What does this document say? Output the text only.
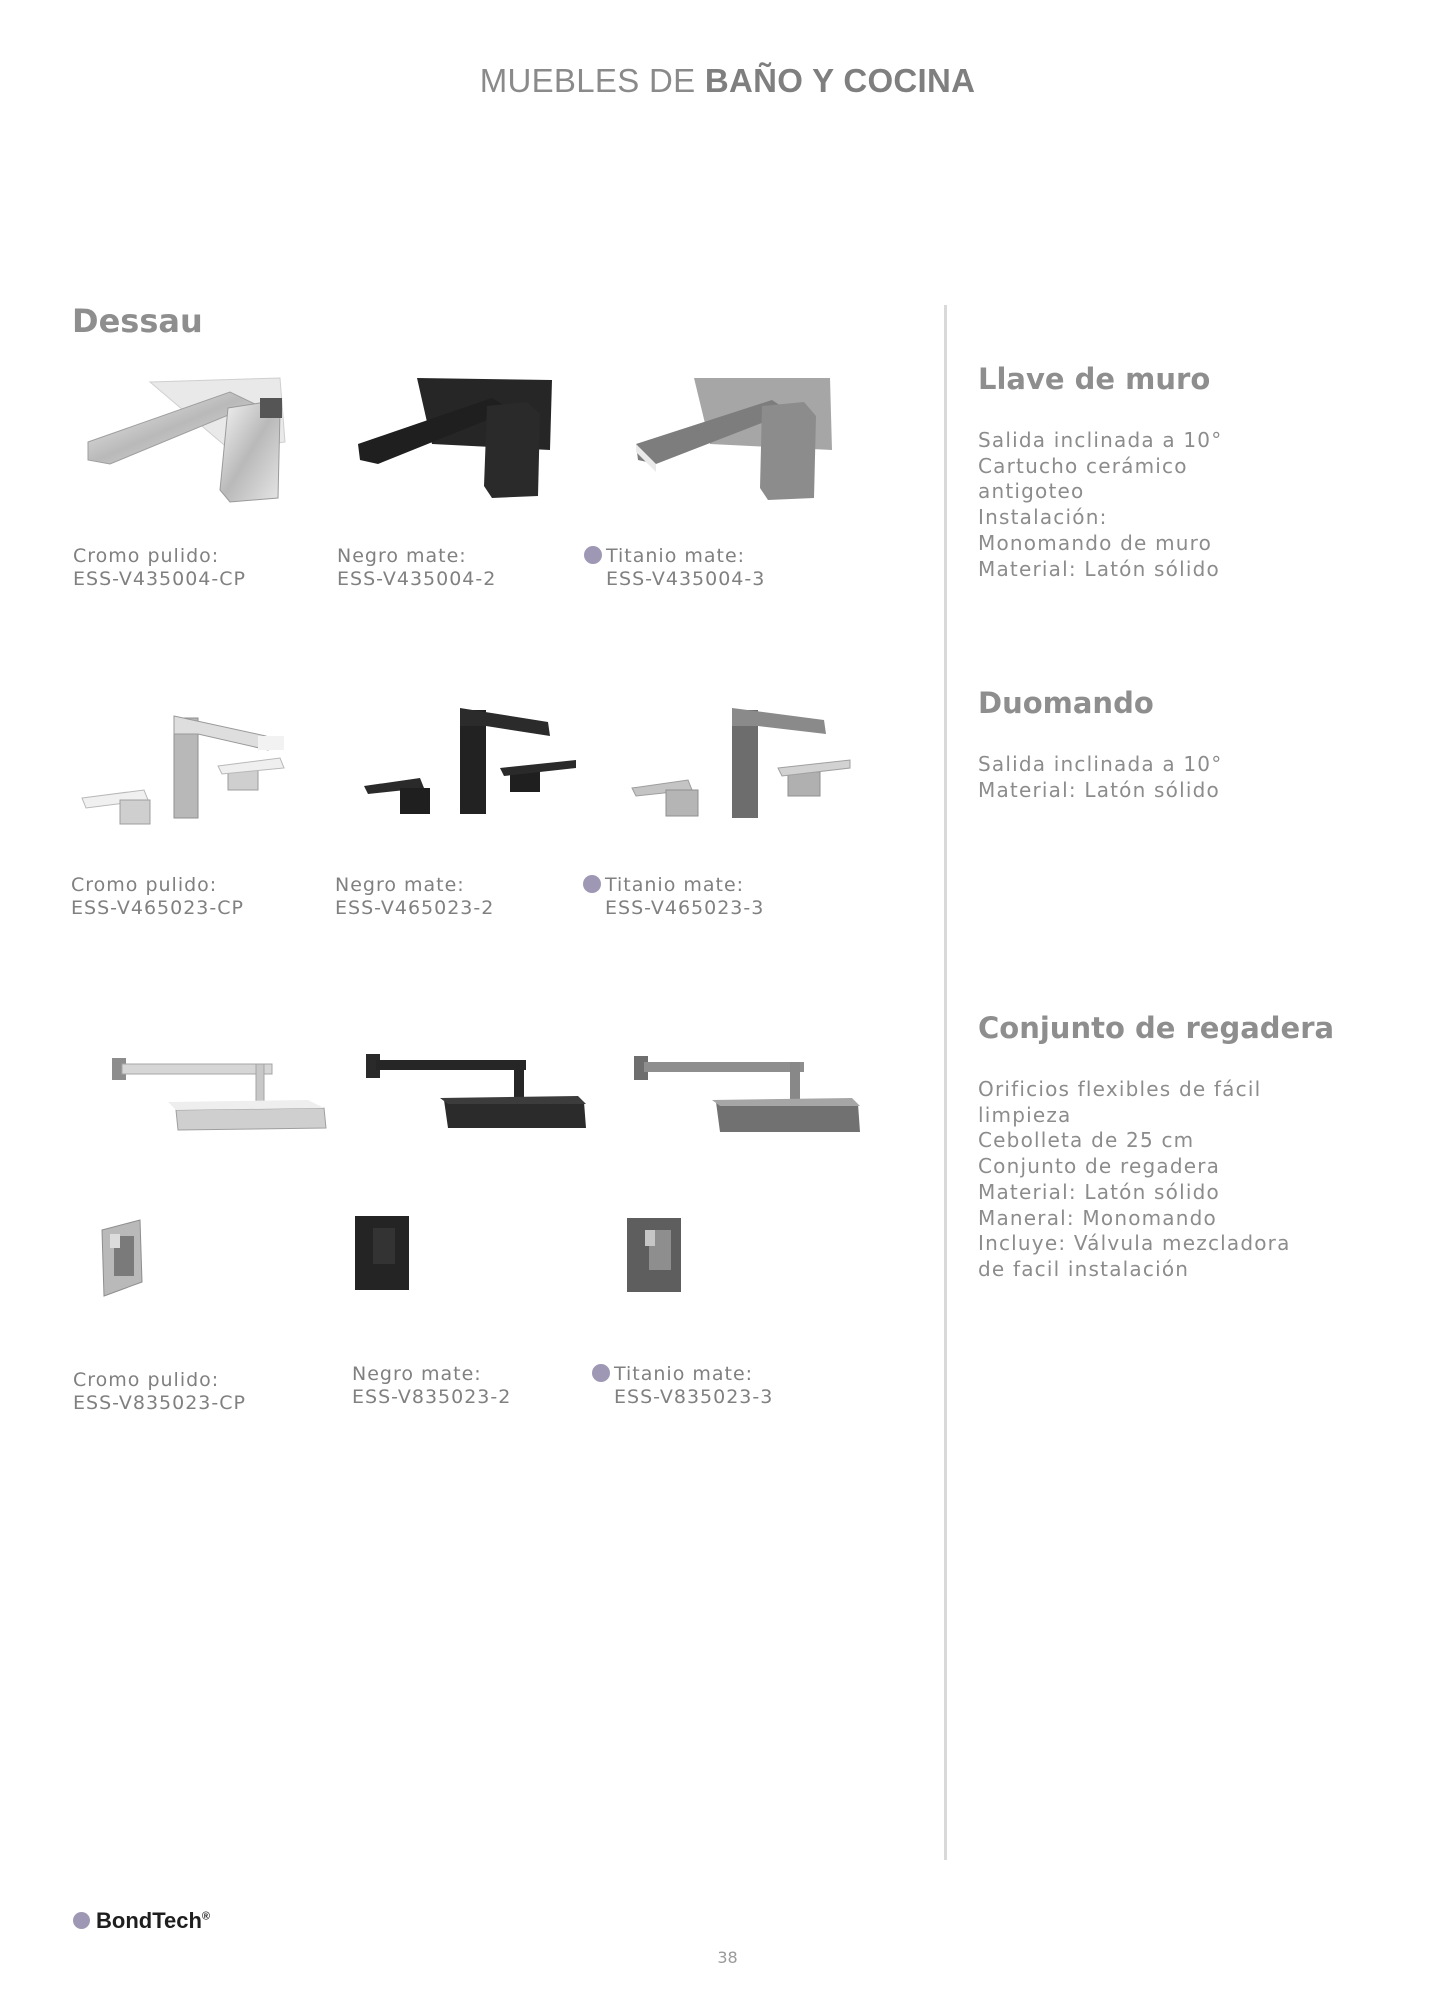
MUEBLES DE BAÑO Y COCINA
Dessau
Cromo pulido:
ESS-V435004-CP
Negro mate:
ESS-V435004-2
Titanio mate:
ESS-V435004-3
Cromo pulido:
ESS-V465023-CP
Negro mate:
ESS-V465023-2
Titanio mate:
ESS-V465023-3
Cromo pulido:
ESS-V835023-CP
Negro mate:
ESS-V835023-2
Titanio mate:
ESS-V835023-3
Llave de muro
Salida inclinada a 10°
Cartucho cerámico
antigoteo
Instalación:
Monomando de muro
Material: Latón sólido
Duomando
Salida inclinada a 10°
Material: Latón sólido
Conjunto de regadera
Orificios flexibles de fácil
limpieza
Cebolleta de 25 cm
Conjunto de regadera
Material: Latón sólido
Maneral: Monomando
Incluye: Válvula mezcladora
de facil instalación
BondTech®
38
